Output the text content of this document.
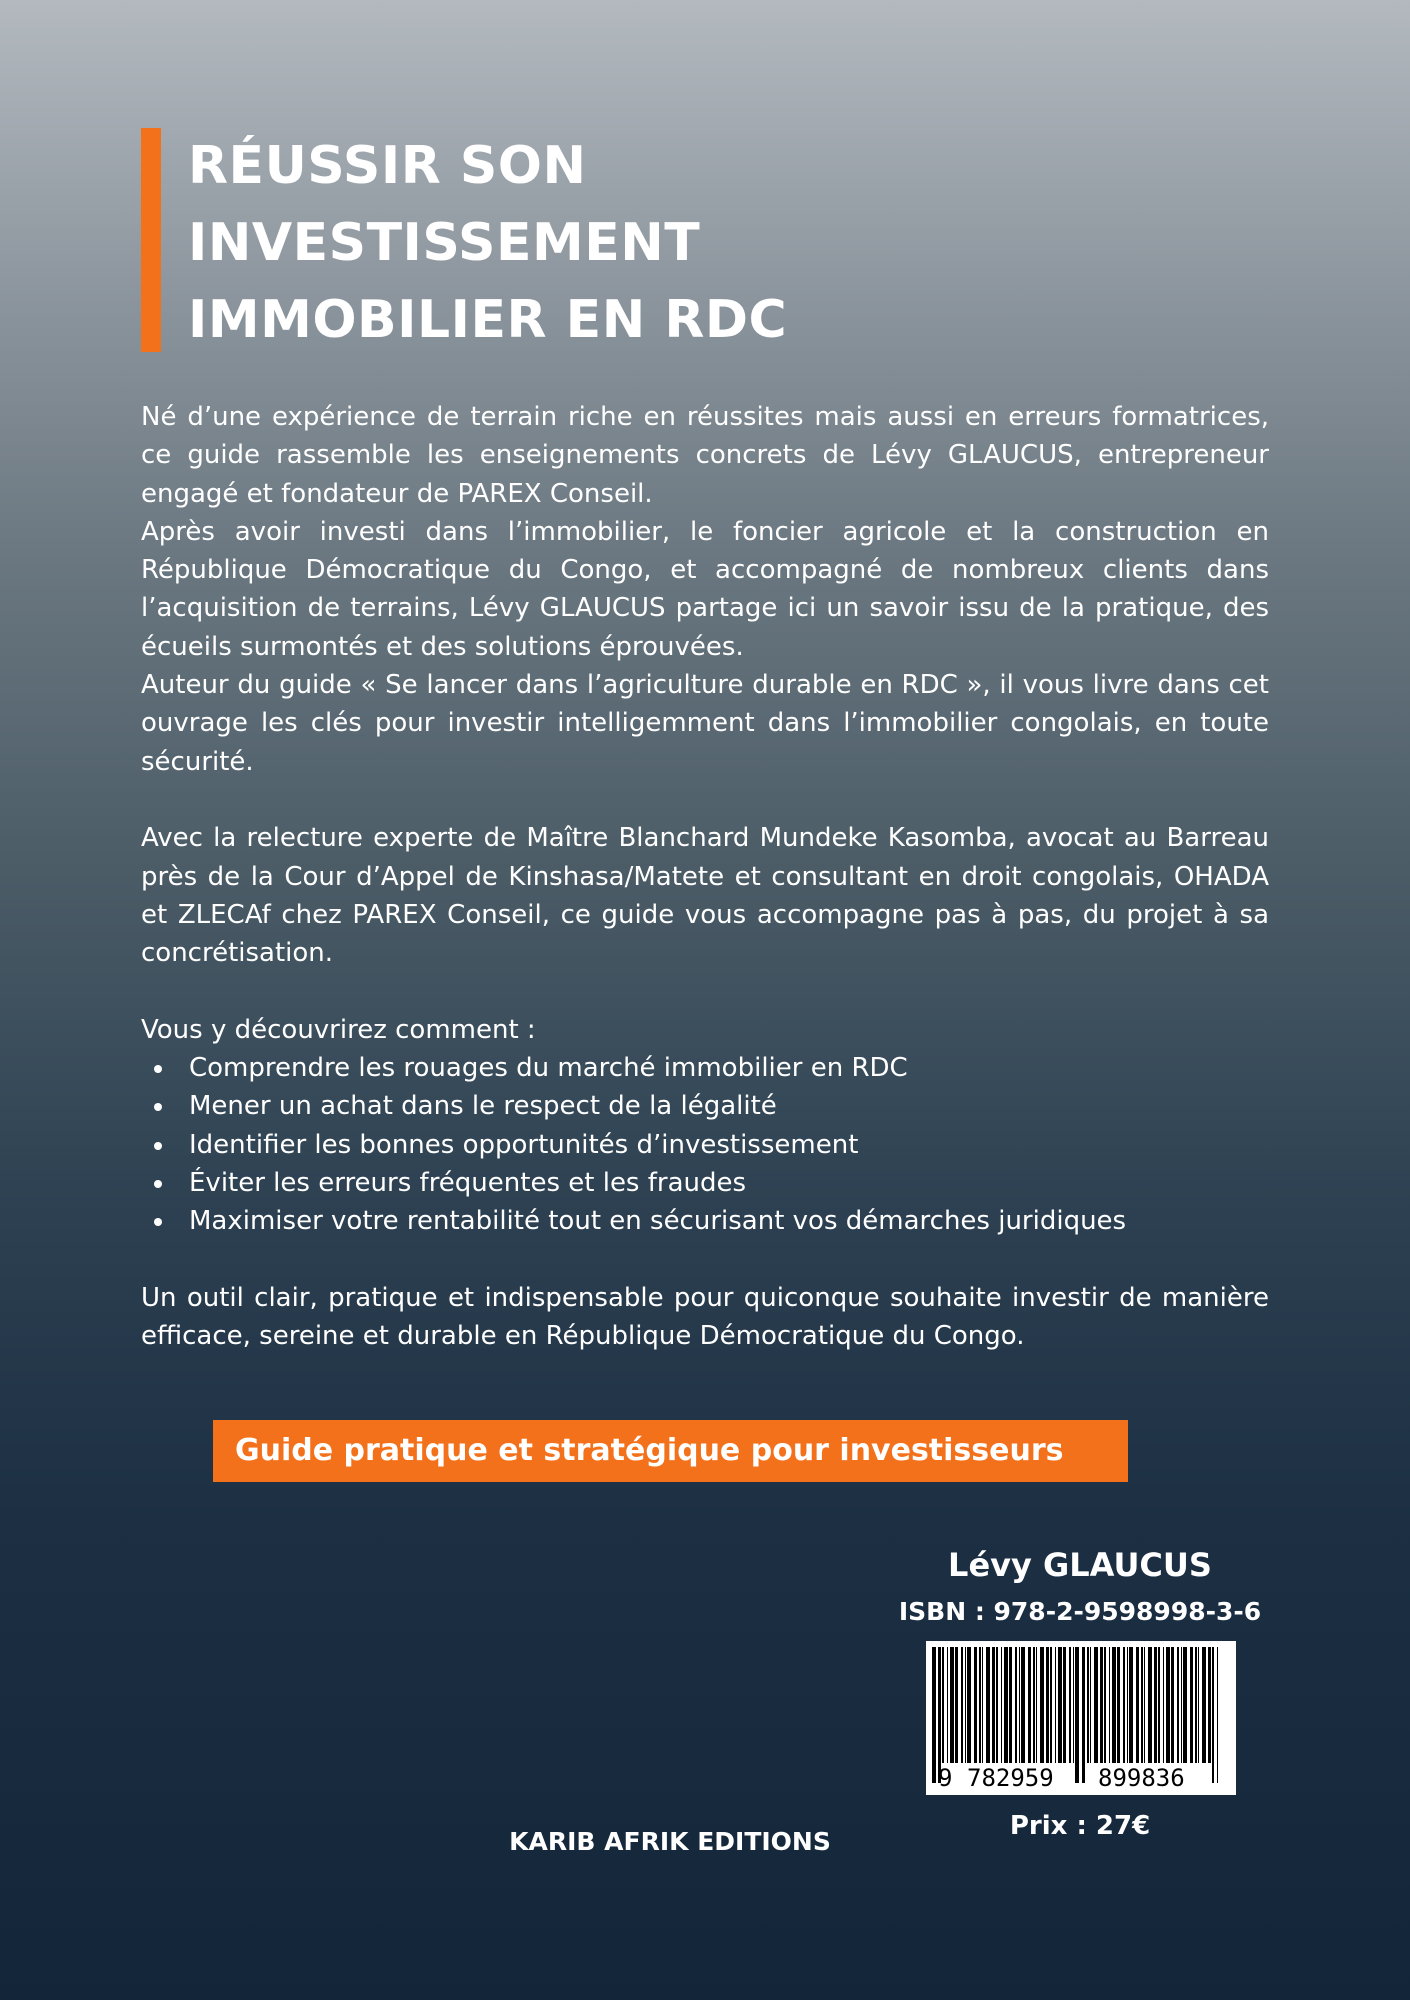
RÉUSSIR SON
INVESTISSEMENT
IMMOBILIER EN RDC

Né d’une expérience de terrain riche en réussites mais aussi en erreurs formatrices, ce guide rassemble les enseignements concrets de Lévy GLAUCUS, entrepreneur engagé et fondateur de PAREX Conseil.

Après avoir investi dans l’immobilier, le foncier agricole et la construction en République Démocratique du Congo, et accompagné de nombreux clients dans l’acquisition de terrains, Lévy GLAUCUS partage ici un savoir issu de la pratique, des écueils surmontés et des solutions éprouvées.

Auteur du guide « Se lancer dans l’agriculture durable en RDC », il vous livre dans cet ouvrage les clés pour investir intelligemment dans l’immobilier congolais, en toute sécurité.

Avec la relecture experte de Maître Blanchard Mundeke Kasomba, avocat au Barreau près de la Cour d’Appel de Kinshasa/Matete et consultant en droit congolais, OHADA et ZLECAf chez PAREX Conseil, ce guide vous accompagne pas à pas, du projet à sa concrétisation.

Vous y découvrirez comment :

Comprendre les rouages du marché immobilier en RDC
Mener un achat dans le respect de la légalité
Identifier les bonnes opportunités d’investissement
Éviter les erreurs fréquentes et les fraudes
Maximiser votre rentabilité tout en sécurisant vos démarches juridiques

Un outil clair, pratique et indispensable pour quiconque souhaite investir de manière efficace, sereine et durable en République Démocratique du Congo.

Guide pratique et stratégique pour investisseurs
Lévy GLAUCUS
ISBN : 978-2-9598998-3-6
9 782959 899836
Prix : 27€
KARIB AFRIK EDITIONS
